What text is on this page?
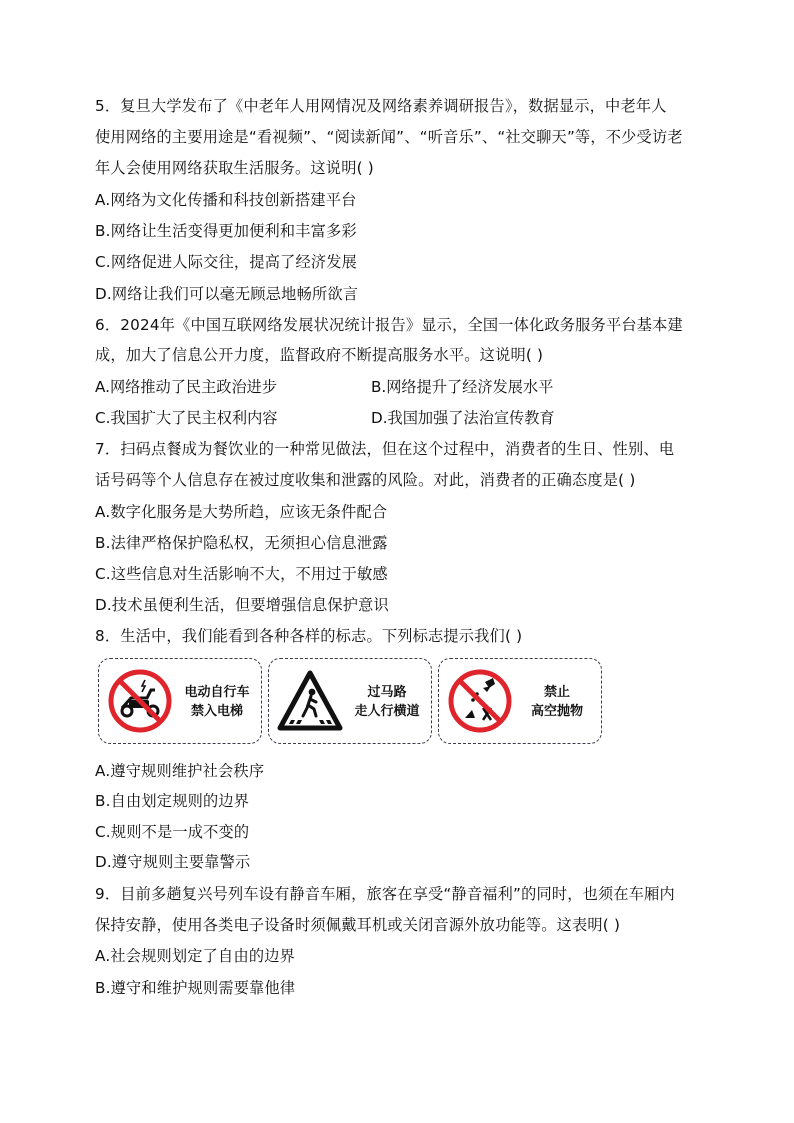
5．复旦大学发布了《中老年人用网情况及网络素养调研报告》，数据显示，中老年人
使用网络的主要用途是“看视频”、“阅读新闻”、“听音乐”、“社交聊天”等，不少受访老
年人会使用网络获取生活服务。这说明( )
A.网络为文化传播和科技创新搭建平台
B.网络让生活变得更加便利和丰富多彩
C.网络促进人际交往，提高了经济发展
D.网络让我们可以毫无顾忌地畅所欲言
6．2024年《中国互联网络发展状况统计报告》显示，全国一体化政务服务平台基本建
成，加大了信息公开力度，监督政府不断提高服务水平。这说明( )
A.网络推动了民主政治进步	B.网络提升了经济发展水平
C.我国扩大了民主权利内容	D.我国加强了法治宣传教育
7．扫码点餐成为餐饮业的一种常见做法，但在这个过程中，消费者的生日、性别、电
话号码等个人信息存在被过度收集和泄露的风险。对此，消费者的正确态度是( )
A.数字化服务是大势所趋，应该无条件配合
B.法律严格保护隐私权，无须担心信息泄露
C.这些信息对生活影响不大，不用过于敏感
D.技术虽便利生活，但要增强信息保护意识
8．生活中，我们能看到各种各样的标志。下列标志提示我们( )
电动自行车
禁入电梯
过马路
走人行横道
禁止
高空抛物
A.遵守规则维护社会秩序
B.自由划定规则的边界
C.规则不是一成不变的
D.遵守规则主要靠警示
9．目前多趟复兴号列车设有静音车厢，旅客在享受“静音福利”的同时，也须在车厢内
保持安静，使用各类电子设备时须佩戴耳机或关闭音源外放功能等。这表明( )
A.社会规则划定了自由的边界
B.遵守和维护规则需要靠他律
